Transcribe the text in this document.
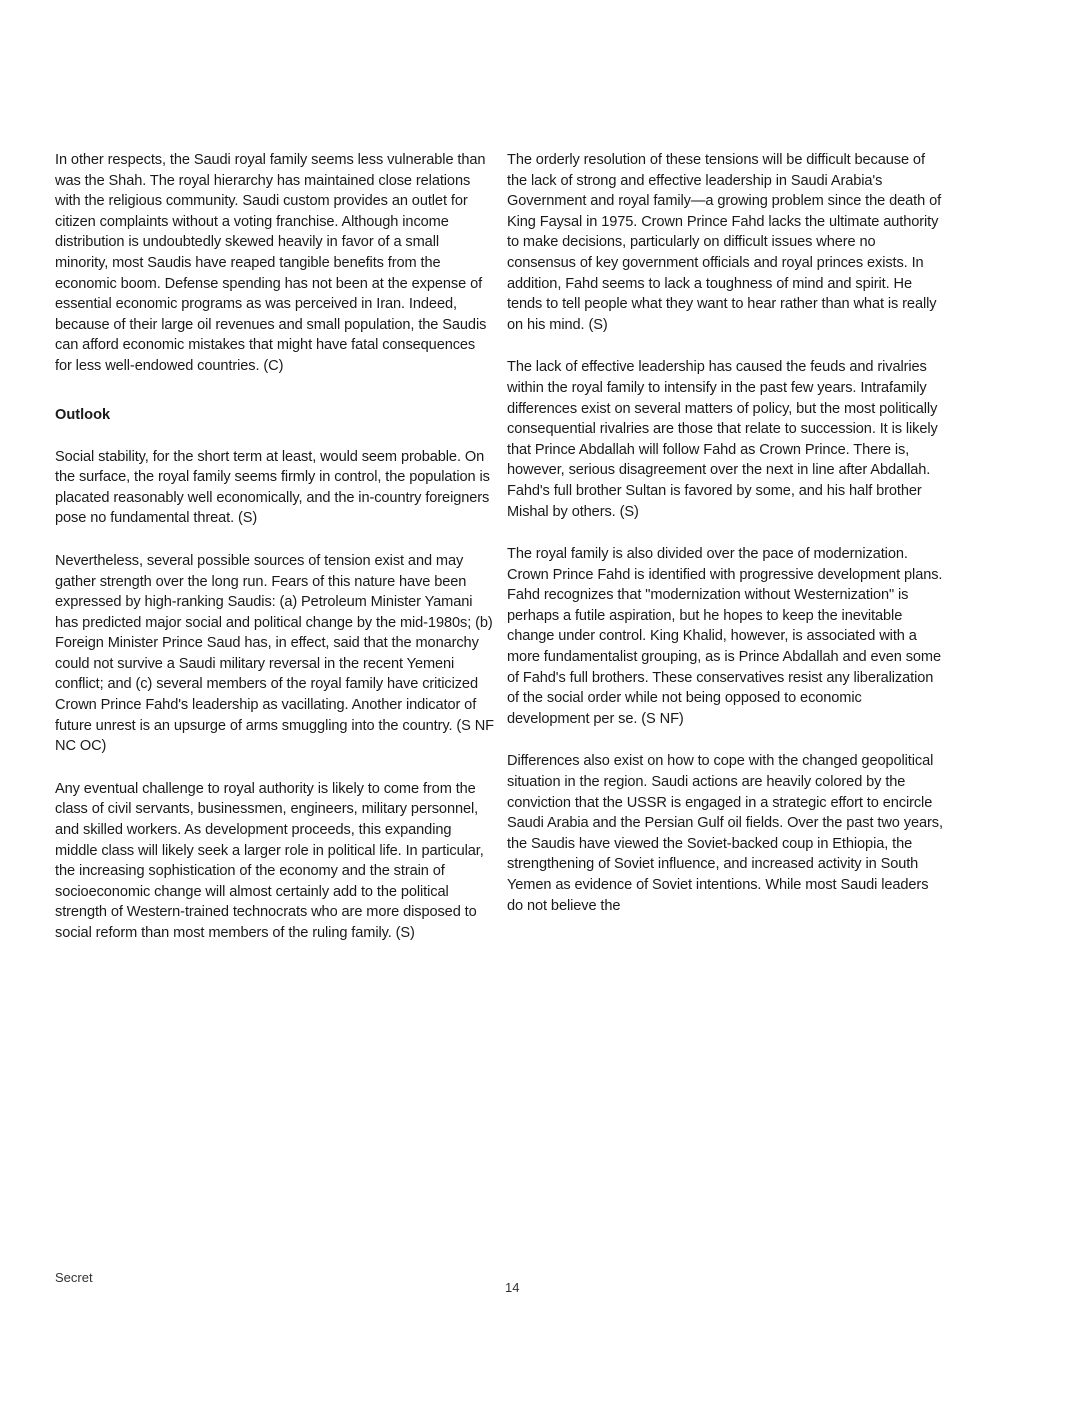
In other respects, the Saudi royal family seems less vulnerable than was the Shah. The royal hierarchy has maintained close relations with the religious community. Saudi custom provides an outlet for citizen complaints without a voting franchise. Although income distribution is undoubtedly skewed heavily in favor of a small minority, most Saudis have reaped tangible benefits from the economic boom. Defense spending has not been at the expense of essential economic programs as was perceived in Iran. Indeed, because of their large oil revenues and small population, the Saudis can afford economic mistakes that might have fatal consequences for less well-endowed countries. (C)

Outlook

Social stability, for the short term at least, would seem probable. On the surface, the royal family seems firmly in control, the population is placated reasonably well economically, and the in-country foreigners pose no fundamental threat. (S)

Nevertheless, several possible sources of tension exist and may gather strength over the long run. Fears of this nature have been expressed by high-ranking Saudis: (a) Petroleum Minister Yamani has predicted major social and political change by the mid-1980s; (b) Foreign Minister Prince Saud has, in effect, said that the monarchy could not survive a Saudi military reversal in the recent Yemeni conflict; and (c) several members of the royal family have criticized Crown Prince Fahd's leadership as vacillating. Another indicator of future unrest is an upsurge of arms smuggling into the country. (S NF NC OC)

Any eventual challenge to royal authority is likely to come from the class of civil servants, businessmen, engineers, military personnel, and skilled workers. As development proceeds, this expanding middle class will likely seek a larger role in political life. In particular, the increasing sophistication of the economy and the strain of socioeconomic change will almost certainly add to the political strength of Western-trained technocrats who are more disposed to social reform than most members of the ruling family. (S)

The orderly resolution of these tensions will be difficult because of the lack of strong and effective leadership in Saudi Arabia's Government and royal family—a growing problem since the death of King Faysal in 1975. Crown Prince Fahd lacks the ultimate authority to make decisions, particularly on difficult issues where no consensus of key government officials and royal princes exists. In addition, Fahd seems to lack a toughness of mind and spirit. He tends to tell people what they want to hear rather than what is really on his mind. (S)

The lack of effective leadership has caused the feuds and rivalries within the royal family to intensify in the past few years. Intrafamily differences exist on several matters of policy, but the most politically consequential rivalries are those that relate to succession. It is likely that Prince Abdallah will follow Fahd as Crown Prince. There is, however, serious disagreement over the next in line after Abdallah. Fahd's full brother Sultan is favored by some, and his half brother Mishal by others. (S)

The royal family is also divided over the pace of modernization. Crown Prince Fahd is identified with progressive development plans. Fahd recognizes that "modernization without Westernization" is perhaps a futile aspiration, but he hopes to keep the inevitable change under control. King Khalid, however, is associated with a more fundamentalist grouping, as is Prince Abdallah and even some of Fahd's full brothers. These conservatives resist any liberalization of the social order while not being opposed to economic development per se. (S NF)

Differences also exist on how to cope with the changed geopolitical situation in the region. Saudi actions are heavily colored by the conviction that the USSR is engaged in a strategic effort to encircle Saudi Arabia and the Persian Gulf oil fields. Over the past two years, the Saudis have viewed the Soviet-backed coup in Ethiopia, the strengthening of Soviet influence, and increased activity in South Yemen as evidence of Soviet intentions. While most Saudi leaders do not believe the

Secret
14
